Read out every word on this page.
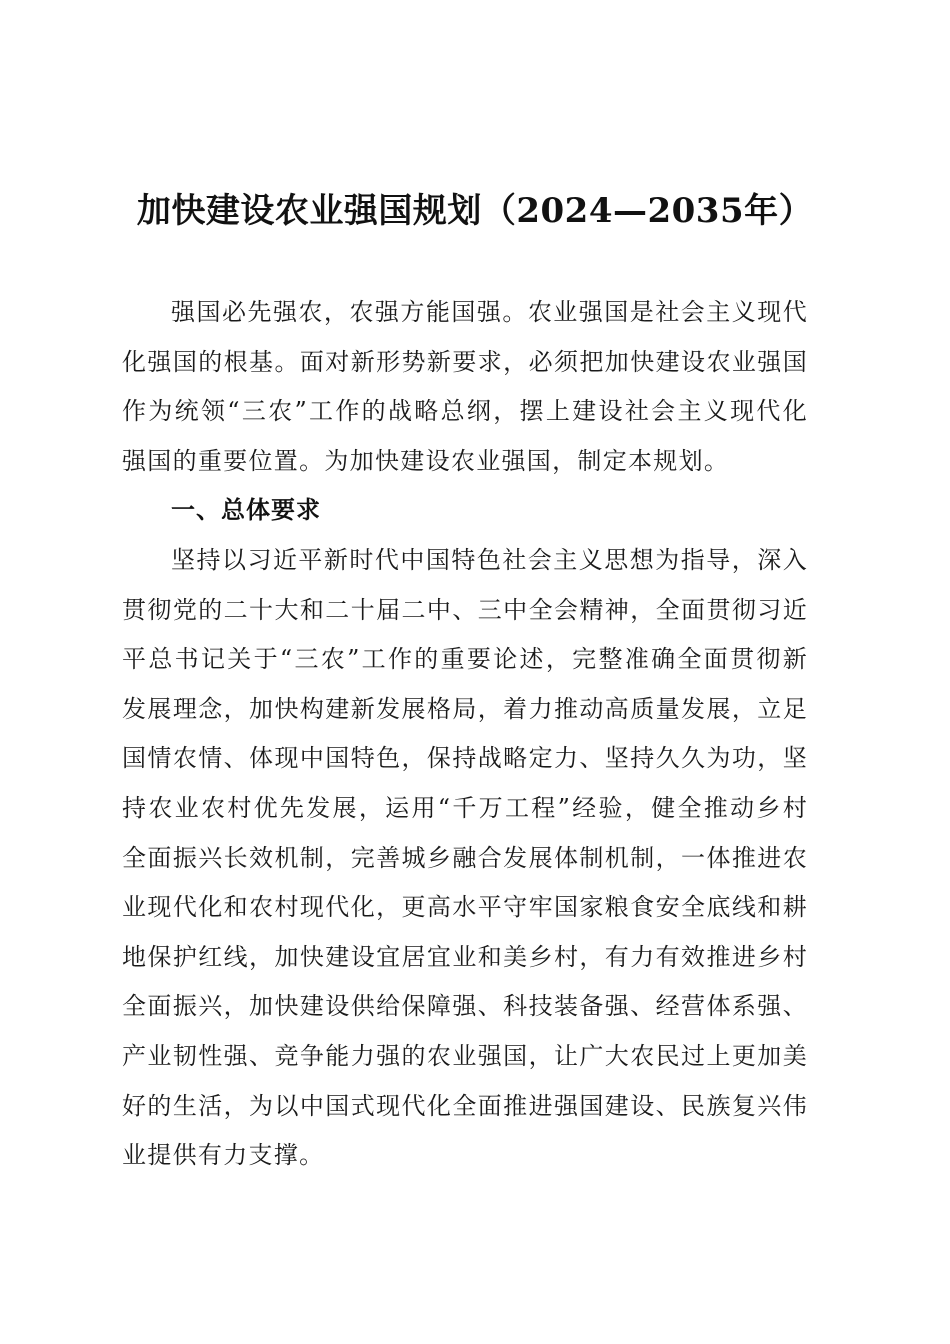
加快建设农业强国规划（2024—2035年）
强国必先强农，农强方能国强。农业强国是社会主义现代
化强国的根基。面对新形势新要求，必须把加快建设农业强国
作为统领“三农”工作的战略总纲，摆上建设社会主义现代化
强国的重要位置。为加快建设农业强国，制定本规划。
一、总体要求
坚持以习近平新时代中国特色社会主义思想为指导，深入
贯彻党的二十大和二十届二中、三中全会精神，全面贯彻习近
平总书记关于“三农”工作的重要论述，完整准确全面贯彻新
发展理念，加快构建新发展格局，着力推动高质量发展，立足
国情农情、体现中国特色，保持战略定力、坚持久久为功，坚
持农业农村优先发展，运用“千万工程”经验，健全推动乡村
全面振兴长效机制，完善城乡融合发展体制机制，一体推进农
业现代化和农村现代化，更高水平守牢国家粮食安全底线和耕
地保护红线，加快建设宜居宜业和美乡村，有力有效推进乡村
全面振兴，加快建设供给保障强、科技装备强、经营体系强、
产业韧性强、竞争能力强的农业强国，让广大农民过上更加美
好的生活，为以中国式现代化全面推进强国建设、民族复兴伟
业提供有力支撑。
